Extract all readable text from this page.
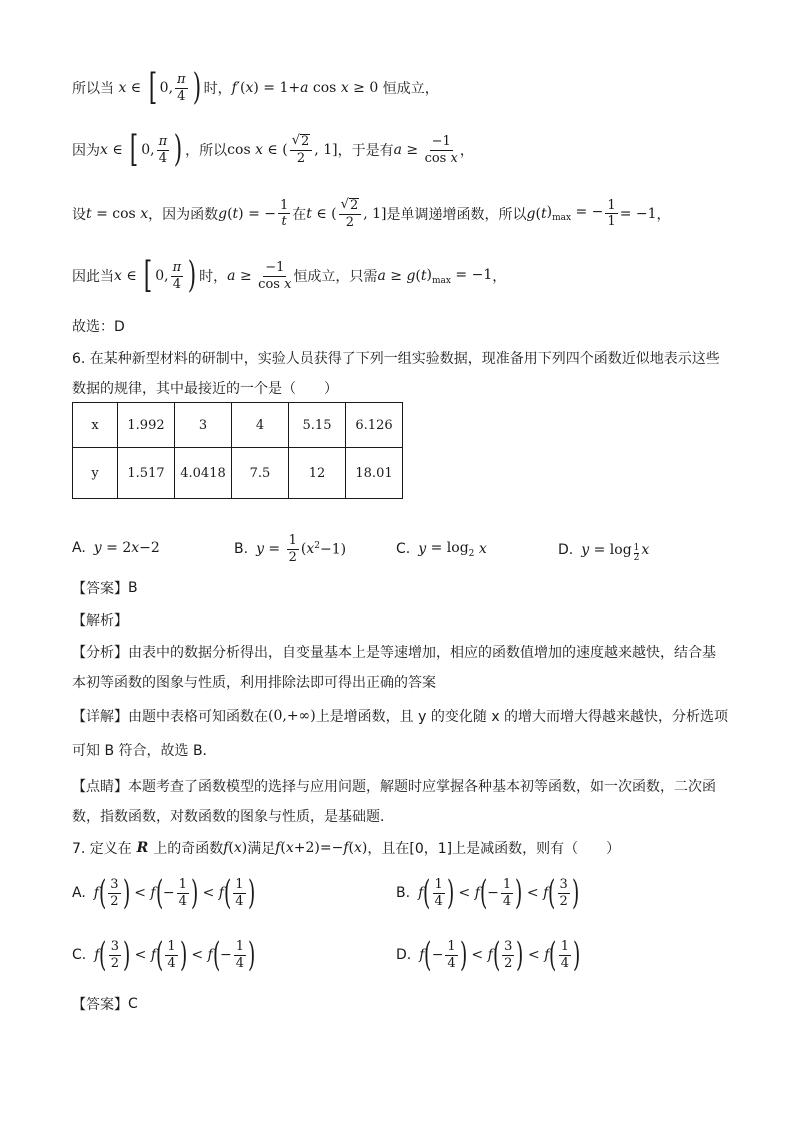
所以当 x ∈ [ 0, $\frac{\pi}{4}$ ) 时， f ′( x ) = 1+ a cos x ≥ 0 恒成立，
因为 x ∈ [ 0, $\frac{\pi}{4}$ ) ，所以 cos x ∈ ( $\frac{√ 2}{2}$ , 1] ，于是有 $a \ge \frac{-1}{\text{cos x}}$ ，
设 t = cos x ，因为函数 g ( t ) = − $\frac{1}{t}$ 在 t ∈ ( $\frac{√ 2}{2}$ , 1] 是单调递增函数，所以 g ( t )$_{max}$ = − $\frac{1}{1} = -1$ ，
因此当 x ∈ [ 0, $\frac{\pi}{4}$ ) 时， $a \ge \frac{-1}{\text{cos x}}$ 恒成立，只需 a ≥ g ( t )$_{max} = -1$ ，
故选：D
6. 在某种新型材料的研制中，实验人员获得了下列一组实验数据，现准备用下列四个函数近似地表示这些
数据的规律，其中最接近的一个是（　　）
x	1.992	3	4	5.15	6.126
y	1.517	4.0418	7.5	12	18.01
A. y = 2 x −2	B. $y = \frac{1}{2}$ ( x $^2$−1)	C. $y = \log_2 x$	D. y = log 1
2
x
【答案】 B
【解析】
【分析】 由表中的数据分析得出，自变量基本上是等速增加，相应的函数值增加的速度越来越快，结合基
本初等函数的图象与性质，利用排除法即可得出正确的答案
【详解】 由题中表格可知函数在 (0,+∞) 上是增函数，且 y 的变化随 x 的增大而增大得越来越快，分析选项
可知 B 符合，故选 B．
【点睛】 本题考查了函数模型的选择与应用问题，解题时应掌握各种基本初等函数，如一次函数，二次函
数，指数函数，对数函数的图象与性质，是基础题．
7. 定义在 R 上的奇函数 f ( x ) 满足 f ( x +2)=− f ( x ) ，且在[0，1]上是减函数，则有（　　）
A. f ( $\frac{3}{2}$ ) < f ( − $\frac{1}{4}$ ) < f ( $\frac{1}{4}$ )	B. f ( $\frac{1}{4}$ ) < f ( − $\frac{1}{4}$ ) < f ( $\frac{3}{2}$ )
C. f ( $\frac{3}{2}$ ) < f ( $\frac{1}{4}$ ) < f ( − $\frac{1}{4}$ )	D. f ( − $\frac{1}{4}$ ) < f ( $\frac{3}{2}$ ) < f ( $\frac{1}{4}$ )
【答案】 C
